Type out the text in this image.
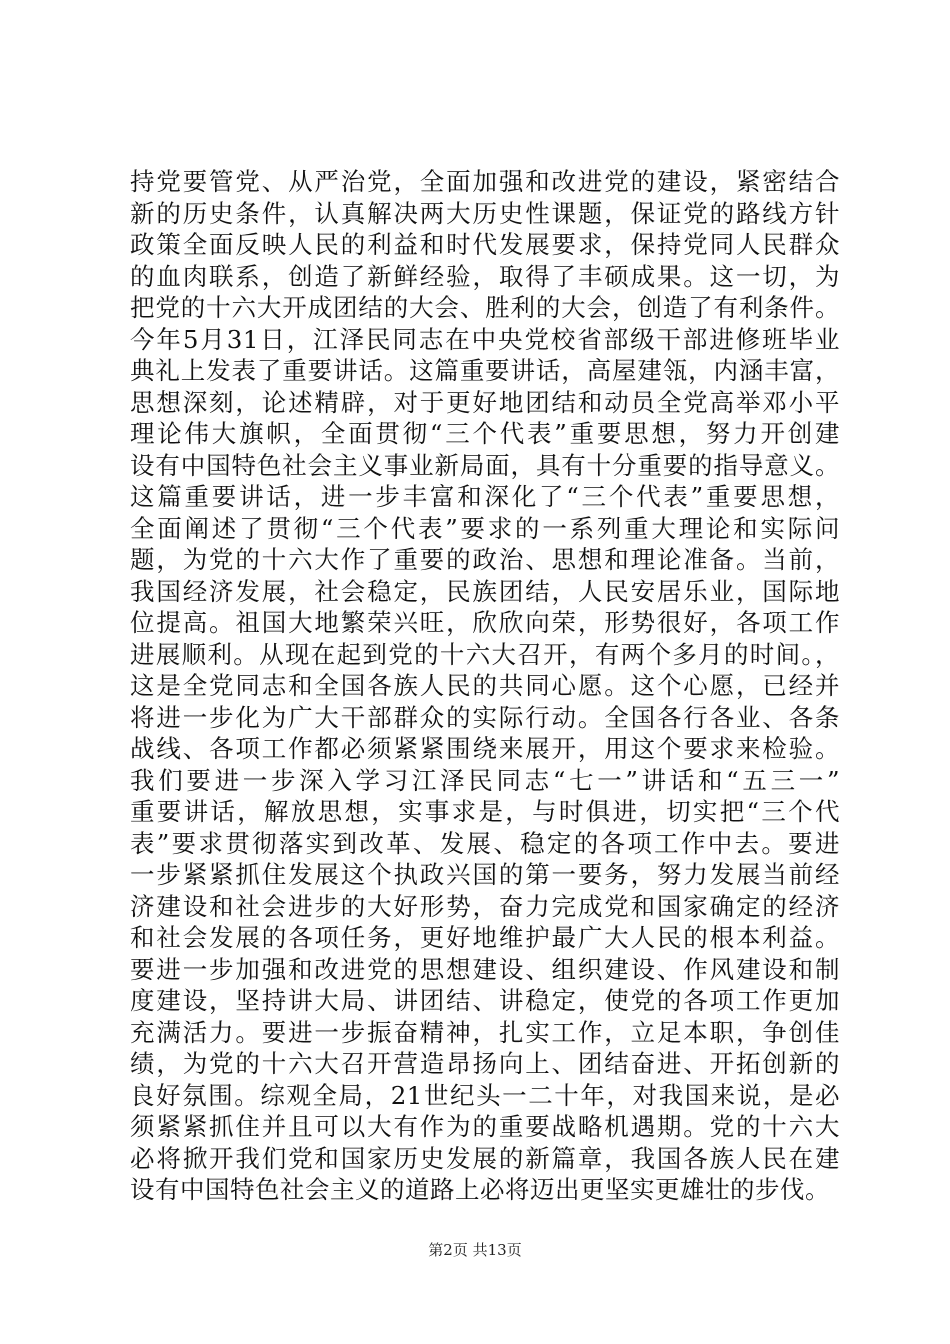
持党要管党、从严治党，全面加强和改进党的建设，紧密结合
新的历史条件，认真解决两大历史性课题，保证党的路线方针
政策全面反映人民的利益和时代发展要求，保持党同人民群众
的血肉联系，创造了新鲜经验，取得了丰硕成果。这一切，为
把党的十六大开成团结的大会、胜利的大会，创造了有利条件。
今年5月31日，江泽民同志在中央党校省部级干部进修班毕业
典礼上发表了重要讲话。这篇重要讲话，高屋建瓴，内涵丰富，
思想深刻，论述精辟，对于更好地团结和动员全党高举邓小平
理论伟大旗帜，全面贯彻“三个代表”重要思想，努力开创建
设有中国特色社会主义事业新局面，具有十分重要的指导意义。
这篇重要讲话，进一步丰富和深化了“三个代表”重要思想，
全面阐述了贯彻“三个代表”要求的一系列重大理论和实际问
题，为党的十六大作了重要的政治、思想和理论准备。当前，
我国经济发展，社会稳定，民族团结，人民安居乐业，国际地
位提高。祖国大地繁荣兴旺，欣欣向荣，形势很好，各项工作
进展顺利。从现在起到党的十六大召开，有两个多月的时间。，
这是全党同志和全国各族人民的共同心愿。这个心愿，已经并
将进一步化为广大干部群众的实际行动。全国各行各业、各条
战线、各项工作都必须紧紧围绕来展开，用这个要求来检验。
我们要进一步深入学习江泽民同志“七一”讲话和“五三一”
重要讲话，解放思想，实事求是，与时俱进，切实把“三个代
表”要求贯彻落实到改革、发展、稳定的各项工作中去。要进
一步紧紧抓住发展这个执政兴国的第一要务，努力发展当前经
济建设和社会进步的大好形势，奋力完成党和国家确定的经济
和社会发展的各项任务，更好地维护最广大人民的根本利益。
要进一步加强和改进党的思想建设、组织建设、作风建设和制
度建设，坚持讲大局、讲团结、讲稳定，使党的各项工作更加
充满活力。要进一步振奋精神，扎实工作，立足本职，争创佳
绩，为党的十六大召开营造昂扬向上、团结奋进、开拓创新的
良好氛围。综观全局，21世纪头一二十年，对我国来说，是必
须紧紧抓住并且可以大有作为的重要战略机遇期。党的十六大
必将掀开我们党和国家历史发展的新篇章，我国各族人民在建
设有中国特色社会主义的道路上必将迈出更坚实更雄壮的步伐。
第2页 共13页
